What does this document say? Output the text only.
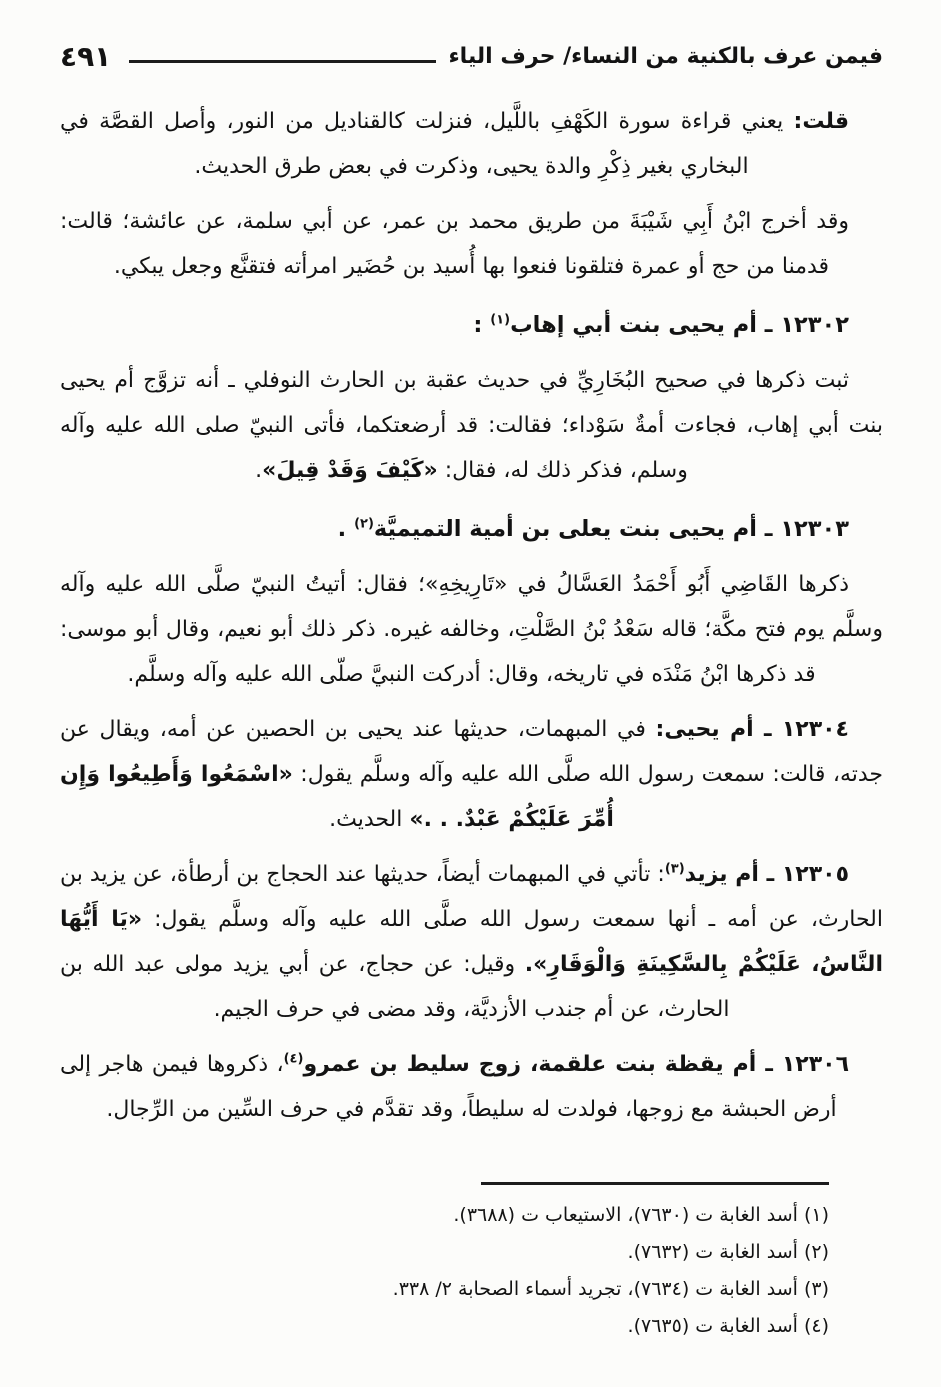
فيمن عرف بالكنية من النساء/ حرف الياء
٤٩١

قلت: يعني قراءة سورة الكَهْفِ باللَّيل، فنزلت كالقناديل من النور، وأصل القصَّة في البخاري بغير ذِكْرِ والدة يحيى، وذكرت في بعض طرق الحديث.

وقد أخرج ابْنُ أَبِي شَيْبَةَ من طريق محمد بن عمر، عن أبي سلمة، عن عائشة؛ قالت: قدمنا من حج أو عمرة فتلقونا فنعوا بها أُسيد بن حُضَير امرأته فتقنَّع وجعل يبكي.

١٢٣٠٢ ـ أم يحيى بنت أبي إهاب$^{(١)}$ :

ثبت ذكرها في صحيح البُخَارِيِّ في حديث عقبة بن الحارث النوفلي ـ أنه تزوَّج أم يحيى بنت أبي إهاب، فجاءت أمةٌ سَوْداء؛ فقالت: قد أرضعتكما، فأتى النبيّ صلى الله عليه وآله وسلم، فذكر ذلك له، فقال: «كَيْفَ وَقَدْ قِيلَ».

١٢٣٠٣ ـ أم يحيى بنت يعلى بن أمية التميميَّة$^{(٢)}$ .

ذكرها القَاضِي أَبُو أَحْمَدُ العَسَّالُ في «تَارِيخِهِ»؛ فقال: أتيتُ النبيّ صلَّى الله عليه وآله وسلَّم يوم فتح مكَّة؛ قاله سَعْدُ بْنُ الصَّلْتِ، وخالفه غيره. ذكر ذلك أبو نعيم، وقال أبو موسى: قد ذكرها ابْنُ مَنْدَه في تاريخه، وقال: أدركت النبيَّ صلّى الله عليه وآله وسلَّم.

١٢٣٠٤ ـ أم يحيى: في المبهمات، حديثها عند يحيى بن الحصين عن أمه، ويقال عن جدته، قالت: سمعت رسول الله صلَّى الله عليه وآله وسلَّم يقول: «اسْمَعُوا وَأَطِيعُوا وَإِن أُمِّرَ عَلَيْكُمْ عَبْدٌ. . .» الحديث.

١٢٣٠٥ ـ أم يزيد$^{(٣)}$: تأتي في المبهمات أيضاً، حديثها عند الحجاج بن أرطأة، عن يزيد بن الحارث، عن أمه ـ أنها سمعت رسول الله صلَّى الله عليه وآله وسلَّم يقول: «يَا أَيُّهَا النَّاسُ، عَلَيْكُمْ بِالسَّكِينَةِ وَالْوَقَارِ». وقيل: عن حجاج، عن أبي يزيد مولى عبد الله بن الحارث، عن أم جندب الأزديَّة، وقد مضى في حرف الجيم.

١٢٣٠٦ ـ أم يقظة بنت علقمة، زوج سليط بن عمرو$^{(٤)}$، ذكروها فيمن هاجر إلى أرض الحبشة مع زوجها، فولدت له سليطاً، وقد تقدَّم في حرف السِّين من الرِّجال.

(١) أسد الغابة ت (٧٦٣٠)، الاستيعاب ت (٣٦٨٨).
(٢) أسد الغابة ت (٧٦٣٢).
(٣) أسد الغابة ت (٧٦٣٤)، تجريد أسماء الصحابة ٢/ ٣٣٨.
(٤) أسد الغابة ت (٧٦٣٥).
